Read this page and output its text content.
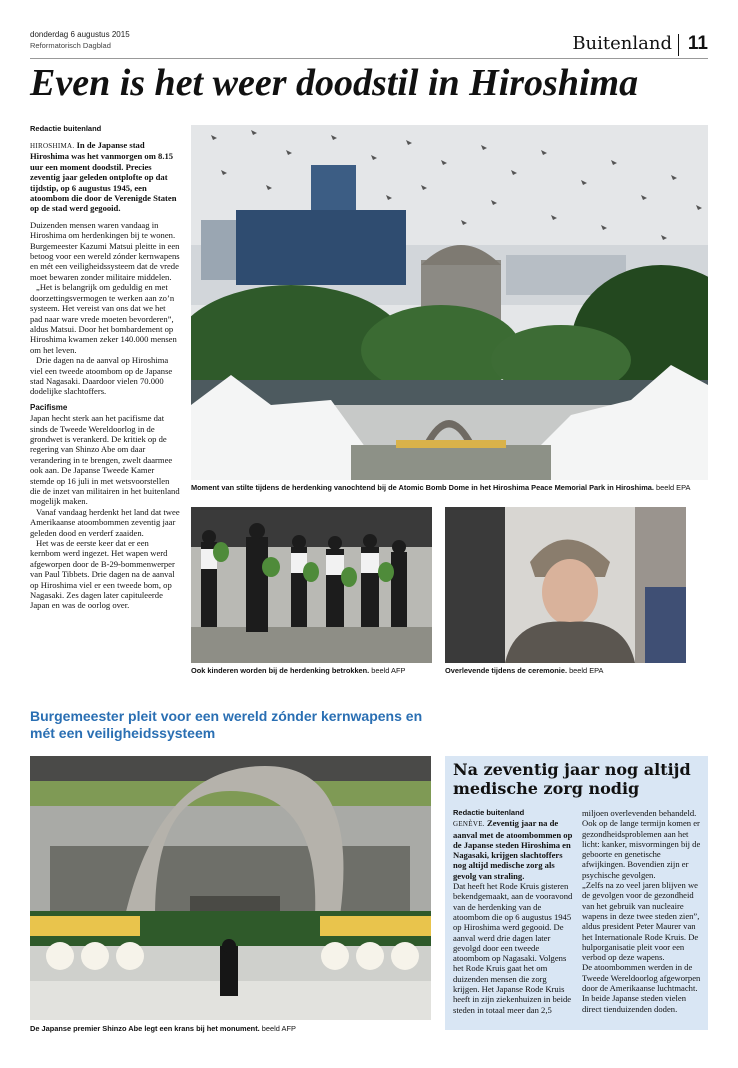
donderdag 6 augustus 2015
Reformatorisch Dagblad	Buitenland 11
Even is het weer doodstil in Hiroshima
Redactie buitenland

HIROSHIMA. In de Japanse stad Hiroshima was het vanmorgen om 8.15 uur een moment doodstil. Precies zeventig jaar geleden ontplofte op dat tijdstip, op 6 augustus 1945, een atoombom die door de Verenigde Staten op de stad werd gegooid.

Duizenden mensen waren vandaag in Hiroshima om herdenkingen bij te wonen. Burgemeester Kazumi Matsui pleitte in een betoog voor een wereld zónder kernwapens en mét een veiligheidssysteem dat de vrede moet bewaren zonder militaire middelen.

„Het is belangrijk om geduldig en met doorzettingsvermogen te werken aan zo’n systeem. Het vereist van ons dat we het pad naar ware vrede moeten bevorderen”, aldus Matsui. Door het bombardement op Hiroshima kwamen zeker 140.000 mensen om het leven.

Drie dagen na de aanval op Hiroshima viel een tweede atoombom op de Japanse stad Nagasaki. Daardoor vielen 70.000 dodelijke slachtoffers.

Pacifisme

Japan hecht sterk aan het pacifisme dat sinds de Tweede Wereldoorlog in de grondwet is verankerd. De kritiek op de regering van Shinzo Abe om daar verandering in te brengen, zwelt daarmee ook aan. De Japanse Tweede Kamer stemde op 16 juli in met wetsvoorstellen die de inzet van militairen in het buitenland mogelijk maken.

Vanaf vandaag herdenkt het land dat twee Amerikaanse atoombommen zeventig jaar geleden dood en verderf zaaiden.

Het was de eerste keer dat er een kernbom werd ingezet. Het wapen werd afgeworpen door de B-29-bommenwerper van Paul Tibbets. Drie dagen na de aanval op Hiroshima viel er een tweede bom, op Nagasaki. Zes dagen later capituleerde Japan en was de oorlog over.

Moment van stilte tijdens de herdenking vanochtend bij de Atomic Bomb Dome in het Hiroshima Peace Memorial Park in Hiroshima. beeld EPA
Ook kinderen worden bij de herdenking betrokken. beeld AFP	Overlevende tijdens de ceremonie. beeld EPA
Burgemeester pleit voor een wereld zónder kernwapens en mét een veiligheidssysteem
De Japanse premier Shinzo Abe legt een krans bij het monument. beeld AFP
Na zeventig jaar nog altijd medische zorg nodig

Redactie buitenland

GENÈVE. Zeventig jaar na de aanval met de atoombommen op de Japanse steden Hiroshima en Nagasaki, krijgen slachtoffers nog altijd medische zorg als gevolg van straling.

Dat heeft het Rode Kruis gisteren bekendgemaakt, aan de vooravond van de herdenking van de atoombom die op 6 augustus 1945 op Hiroshima werd gegooid. De aanval werd drie dagen later gevolgd door een tweede atoombom op Nagasaki. Volgens het Rode Kruis gaat het om duizenden mensen die zorg krijgen. Het Japanse Rode Kruis heeft in zijn ziekenhuizen in beide steden in totaal meer dan 2,5

miljoen overlevenden behandeld. Ook op de lange termijn komen er gezondheidsproblemen aan het licht: kanker, misvormingen bij de geboorte en genetische afwijkingen. Bovendien zijn er psychische gevolgen.

„Zelfs na zo veel jaren blijven we de gevolgen voor de gezondheid van het gebruik van nucleaire wapens in deze twee steden zien”, aldus president Peter Maurer van het Internationale Rode Kruis. De hulporganisatie pleit voor een verbod op deze wapens.

De atoombommen werden in de Tweede Wereldoorlog afgeworpen door de Amerikaanse luchtmacht. In beide Japanse steden vielen direct tienduizenden doden.
